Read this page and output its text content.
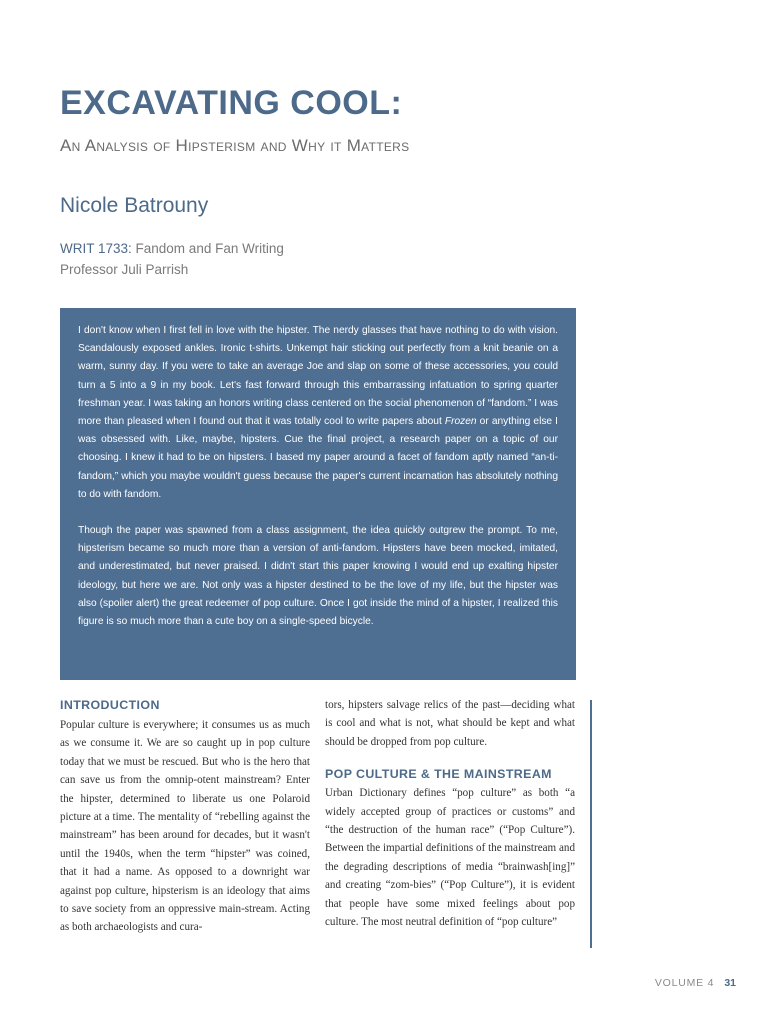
EXCAVATING COOL:
An Analysis of Hipsterism and Why it Matters
Nicole Batrouny
WRIT 1733: Fandom and Fan Writing
Professor Juli Parrish

I don't know when I first fell in love with the hipster. The nerdy glasses that have nothing to do with vision. Scandalously exposed ankles. Ironic t-shirts. Unkempt hair sticking out perfectly from a knit beanie on a warm, sunny day. If you were to take an average Joe and slap on some of these accessories, you could turn a 5 into a 9 in my book. Let's fast forward through this embarrassing infatuation to spring quarter freshman year. I was taking an honors writing class centered on the social phenomenon of “fandom.” I was more than pleased when I found out that it was totally cool to write papers about Frozen or anything else I was obsessed with. Like, maybe, hipsters. Cue the final project, a research paper on a topic of our choosing. I knew it had to be on hipsters. I based my paper around a facet of fandom aptly named “an-ti-fandom,” which you maybe wouldn't guess because the paper's current incarnation has absolutely nothing to do with fandom.

Though the paper was spawned from a class assignment, the idea quickly outgrew the prompt. To me, hipsterism became so much more than a version of anti-fandom. Hipsters have been mocked, imitated, and underestimated, but never praised. I didn't start this paper knowing I would end up exalting hipster ideology, but here we are. Not only was a hipster destined to be the love of my life, but the hipster was also (spoiler alert) the great redeemer of pop culture. Once I got inside the mind of a hipster, I realized this figure is so much more than a cute boy on a single-speed bicycle.

INTRODUCTION

Popular culture is everywhere; it consumes us as much as we consume it. We are so caught up in pop culture today that we must be rescued. But who is the hero that can save us from the omnip-otent mainstream? Enter the hipster, determined to liberate us one Polaroid picture at a time. The mentality of “rebelling against the mainstream” has been around for decades, but it wasn't until the 1940s, when the term “hipster” was coined, that it had a name. As opposed to a downright war against pop culture, hipsterism is an ideology that aims to save society from an oppressive main-stream. Acting as both archaeologists and cura-

tors, hipsters salvage relics of the past—deciding what is cool and what is not, what should be kept and what should be dropped from pop culture.

POP CULTURE & THE MAINSTREAM

Urban Dictionary defines “pop culture” as both “a widely accepted group of practices or customs” and “the destruction of the human race” (“Pop Culture”). Between the impartial definitions of the mainstream and the degrading descriptions of media “brainwash[ing]” and creating “zom-bies” (“Pop Culture”), it is evident that people have some mixed feelings about pop culture. The most neutral definition of “pop culture”

VOLUME 4 31
